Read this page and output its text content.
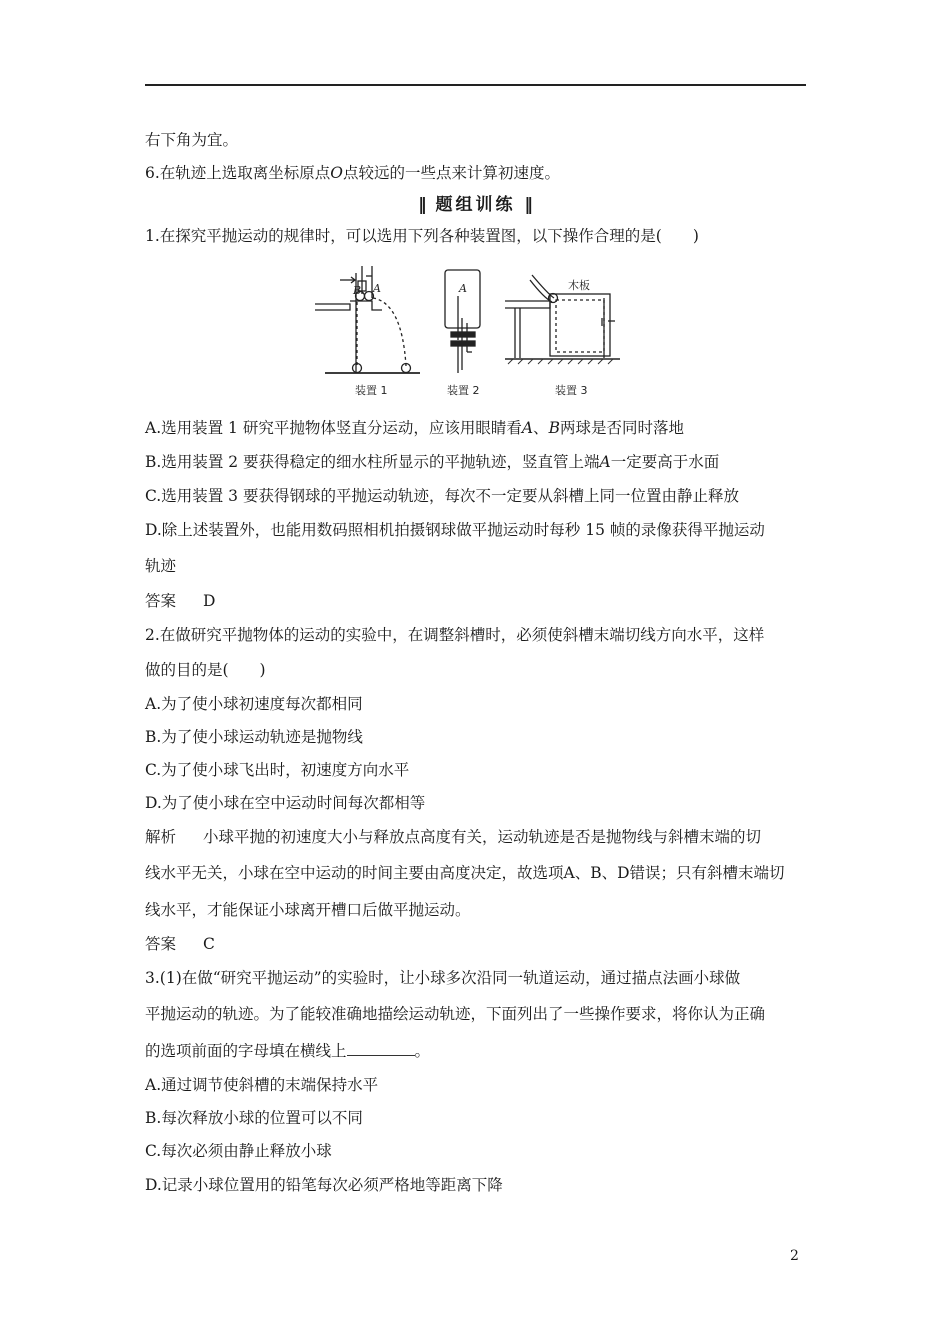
右下角为宜。
6.在轨迹上选取离坐标原点O点较远的一些点来计算初速度。
‖ 题组训练 ‖
1.在探究平抛运动的规律时，可以选用下列各种装置图，以下操作合理的是(　　)
A.选用装置 1 研究平抛物体竖直分运动，应该用眼睛看A、B两球是否同时落地
B.选用装置 2 要获得稳定的细水柱所显示的平抛轨迹，竖直管上端A一定要高于水面
C.选用装置 3 要获得钢球的平抛运动轨迹，每次不一定要从斜槽上同一位置由静止释放
D.除上述装置外，也能用数码照相机拍摄钢球做平抛运动时每秒 15 帧的录像获得平抛运动
轨迹
答案 D
2.在做研究平抛物体的运动的实验中，在调整斜槽时，必须使斜槽末端切线方向水平，这样
做的目的是(　　)
A.为了使小球初速度每次都相同
B.为了使小球运动轨迹是抛物线
C.为了使小球飞出时，初速度方向水平
D.为了使小球在空中运动时间每次都相等
解析 小球平抛的初速度大小与释放点高度有关，运动轨迹是否是抛物线与斜槽末端的切
线水平无关，小球在空中运动的时间主要由高度决定，故选项A、B、D错误；只有斜槽末端切
线水平，才能保证小球离开槽口后做平抛运动。
答案 C
3.(1)在做“研究平抛运动”的实验时，让小球多次沿同一轨道运动，通过描点法画小球做
平抛运动的轨迹。为了能较准确地描绘运动轨迹，下面列出了一些操作要求，将你认为正确
的选项前面的字母填在横线上	。
A.通过调节使斜槽的末端保持水平
B.每次释放小球的位置可以不同
C.每次必须由静止释放小球
D.记录小球位置用的铅笔每次必须严格地等距离下降
B A	A	木板
装置 1	装置 2	装置 3
2
